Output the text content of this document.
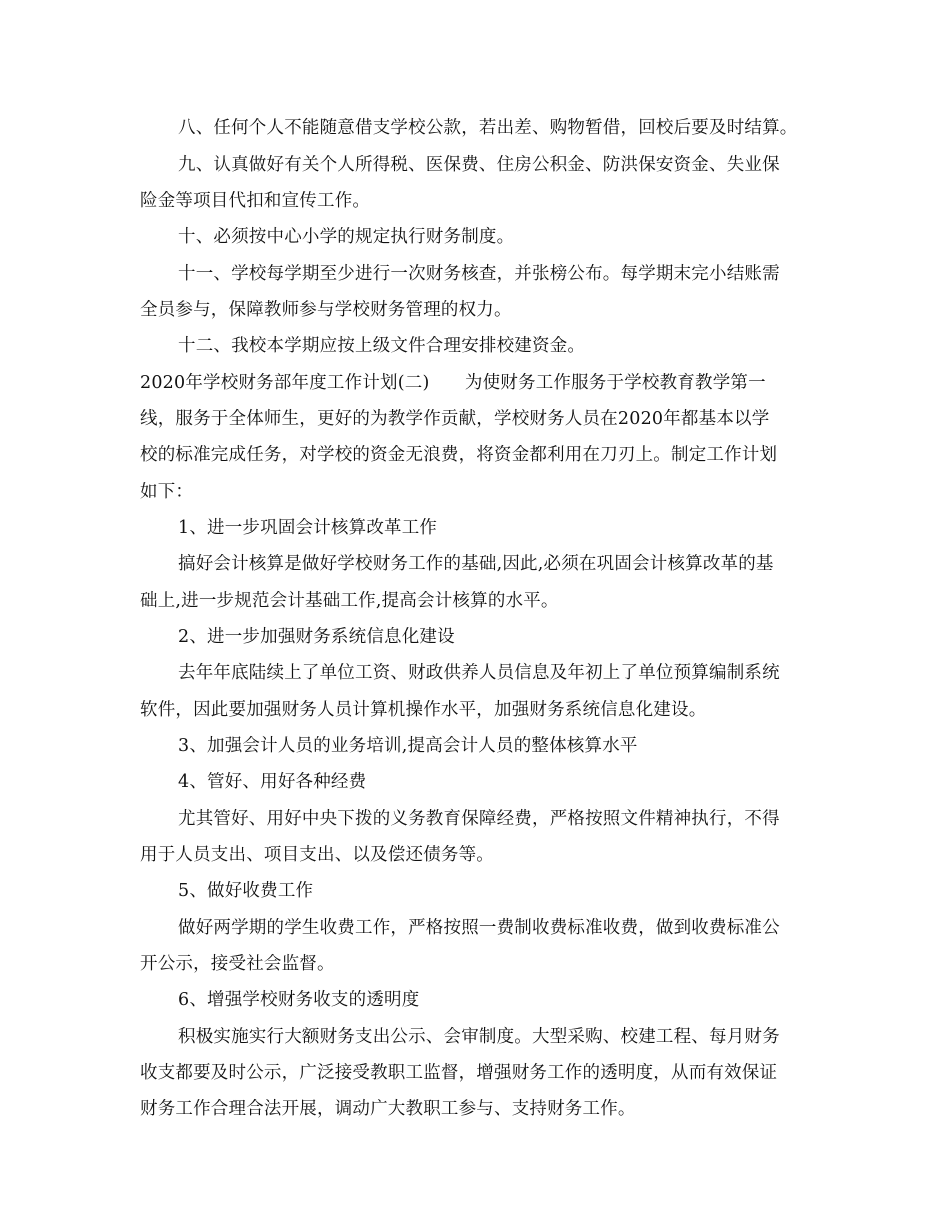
八、任何个人不能随意借支学校公款，若出差、购物暂借，回校后要及时结算。
九、认真做好有关个人所得税、医保费、住房公积金、防洪保安资金、失业保
险金等项目代扣和宣传工作。
十、必须按中心小学的规定执行财务制度。
十一、学校每学期至少进行一次财务核查，并张榜公布。每学期末完小结账需
全员参与，保障教师参与学校财务管理的权力。
十二、我校本学期应按上级文件合理安排校建资金。
2020年学校财务部年度工作计划(二)　　为使财务工作服务于学校教育教学第一
线，服务于全体师生，更好的为教学作贡献，学校财务人员在2020年都基本以学
校的标准完成任务，对学校的资金无浪费，将资金都利用在刀刃上。制定工作计划
如下：
1、进一步巩固会计核算改革工作
搞好会计核算是做好学校财务工作的基础,因此,必须在巩固会计核算改革的基
础上,进一步规范会计基础工作,提高会计核算的水平。
2、进一步加强财务系统信息化建设
去年年底陆续上了单位工资、财政供养人员信息及年初上了单位预算编制系统
软件，因此要加强财务人员计算机操作水平，加强财务系统信息化建设。
3、加强会计人员的业务培训,提高会计人员的整体核算水平
4、管好、用好各种经费
尤其管好、用好中央下拨的义务教育保障经费，严格按照文件精神执行，不得
用于人员支出、项目支出、以及偿还债务等。
5、做好收费工作
做好两学期的学生收费工作，严格按照一费制收费标准收费，做到收费标准公
开公示，接受社会监督。
6、增强学校财务收支的透明度
积极实施实行大额财务支出公示、会审制度。大型采购、校建工程、每月财务
收支都要及时公示，广泛接受教职工监督，增强财务工作的透明度，从而有效保证
财务工作合理合法开展，调动广大教职工参与、支持财务工作。
